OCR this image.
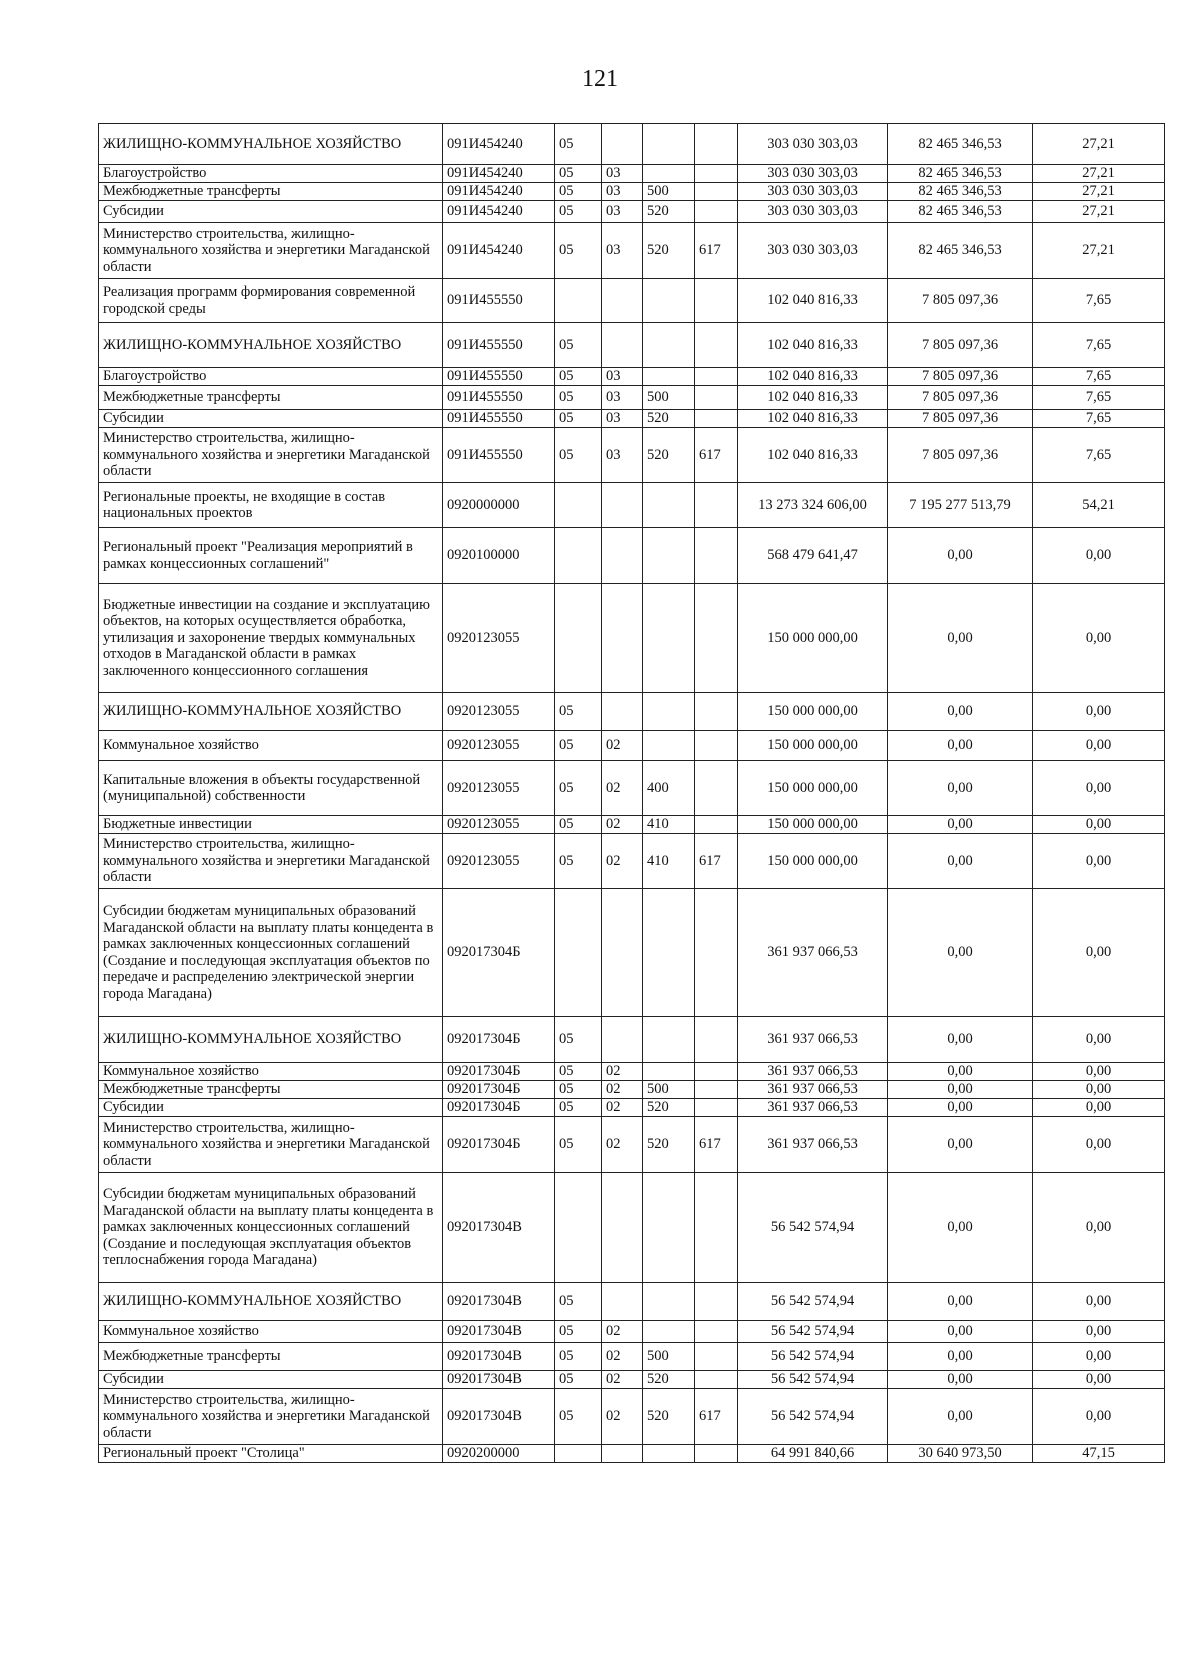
121
ЖИЛИЩНО-КОММУНАЛЬНОЕ ХОЗЯЙСТВО	091И454240	05				303 030 303,03	82 465 346,53	27,21
Благоустройство	091И454240	05	03			303 030 303,03	82 465 346,53	27,21
Межбюджетные трансферты	091И454240	05	03	500		303 030 303,03	82 465 346,53	27,21
Субсидии	091И454240	05	03	520		303 030 303,03	82 465 346,53	27,21
Министерство строительства, жилищно-коммунального хозяйства и энергетики Магаданской области	091И454240	05	03	520	617	303 030 303,03	82 465 346,53	27,21
Реализация программ формирования современной городской среды	091И455550					102 040 816,33	7 805 097,36	7,65
ЖИЛИЩНО-КОММУНАЛЬНОЕ ХОЗЯЙСТВО	091И455550	05				102 040 816,33	7 805 097,36	7,65
Благоустройство	091И455550	05	03			102 040 816,33	7 805 097,36	7,65
Межбюджетные трансферты	091И455550	05	03	500		102 040 816,33	7 805 097,36	7,65
Субсидии	091И455550	05	03	520		102 040 816,33	7 805 097,36	7,65
Министерство строительства, жилищно-коммунального хозяйства и энергетики Магаданской области	091И455550	05	03	520	617	102 040 816,33	7 805 097,36	7,65
Региональные проекты, не входящие в состав национальных проектов	0920000000					13 273 324 606,00	7 195 277 513,79	54,21
Региональный проект "Реализация мероприятий в рамках концессионных соглашений"	0920100000					568 479 641,47	0,00	0,00
Бюджетные инвестиции на создание и эксплуатацию объектов, на которых осуществляется обработка, утилизация и захоронение твердых коммунальных отходов в Магаданской области в рамках заключенного концессионного соглашения	0920123055					150 000 000,00	0,00	0,00
ЖИЛИЩНО-КОММУНАЛЬНОЕ ХОЗЯЙСТВО	0920123055	05				150 000 000,00	0,00	0,00
Коммунальное хозяйство	0920123055	05	02			150 000 000,00	0,00	0,00
Капитальные вложения в объекты государственной (муниципальной) собственности	0920123055	05	02	400		150 000 000,00	0,00	0,00
Бюджетные инвестиции	0920123055	05	02	410		150 000 000,00	0,00	0,00
Министерство строительства, жилищно-коммунального хозяйства и энергетики Магаданской области	0920123055	05	02	410	617	150 000 000,00	0,00	0,00
Субсидии бюджетам муниципальных образований Магаданской области на выплату платы концедента в рамках заключенных концессионных соглашений (Создание и последующая эксплуатация объектов по передаче и распределению электрической энергии города Магадана)	092017304Б					361 937 066,53	0,00	0,00
ЖИЛИЩНО-КОММУНАЛЬНОЕ ХОЗЯЙСТВО	092017304Б	05				361 937 066,53	0,00	0,00
Коммунальное хозяйство	092017304Б	05	02			361 937 066,53	0,00	0,00
Межбюджетные трансферты	092017304Б	05	02	500		361 937 066,53	0,00	0,00
Субсидии	092017304Б	05	02	520		361 937 066,53	0,00	0,00
Министерство строительства, жилищно-коммунального хозяйства и энергетики Магаданской области	092017304Б	05	02	520	617	361 937 066,53	0,00	0,00
Субсидии бюджетам муниципальных образований Магаданской области на выплату платы концедента в рамках заключенных концессионных соглашений (Создание и последующая эксплуатация объектов теплоснабжения города Магадана)	092017304В					56 542 574,94	0,00	0,00
ЖИЛИЩНО-КОММУНАЛЬНОЕ ХОЗЯЙСТВО	092017304В	05				56 542 574,94	0,00	0,00
Коммунальное хозяйство	092017304В	05	02			56 542 574,94	0,00	0,00
Межбюджетные трансферты	092017304В	05	02	500		56 542 574,94	0,00	0,00
Субсидии	092017304В	05	02	520		56 542 574,94	0,00	0,00
Министерство строительства, жилищно-коммунального хозяйства и энергетики Магаданской области	092017304В	05	02	520	617	56 542 574,94	0,00	0,00
Региональный проект "Столица"	0920200000					64 991 840,66	30 640 973,50	47,15
